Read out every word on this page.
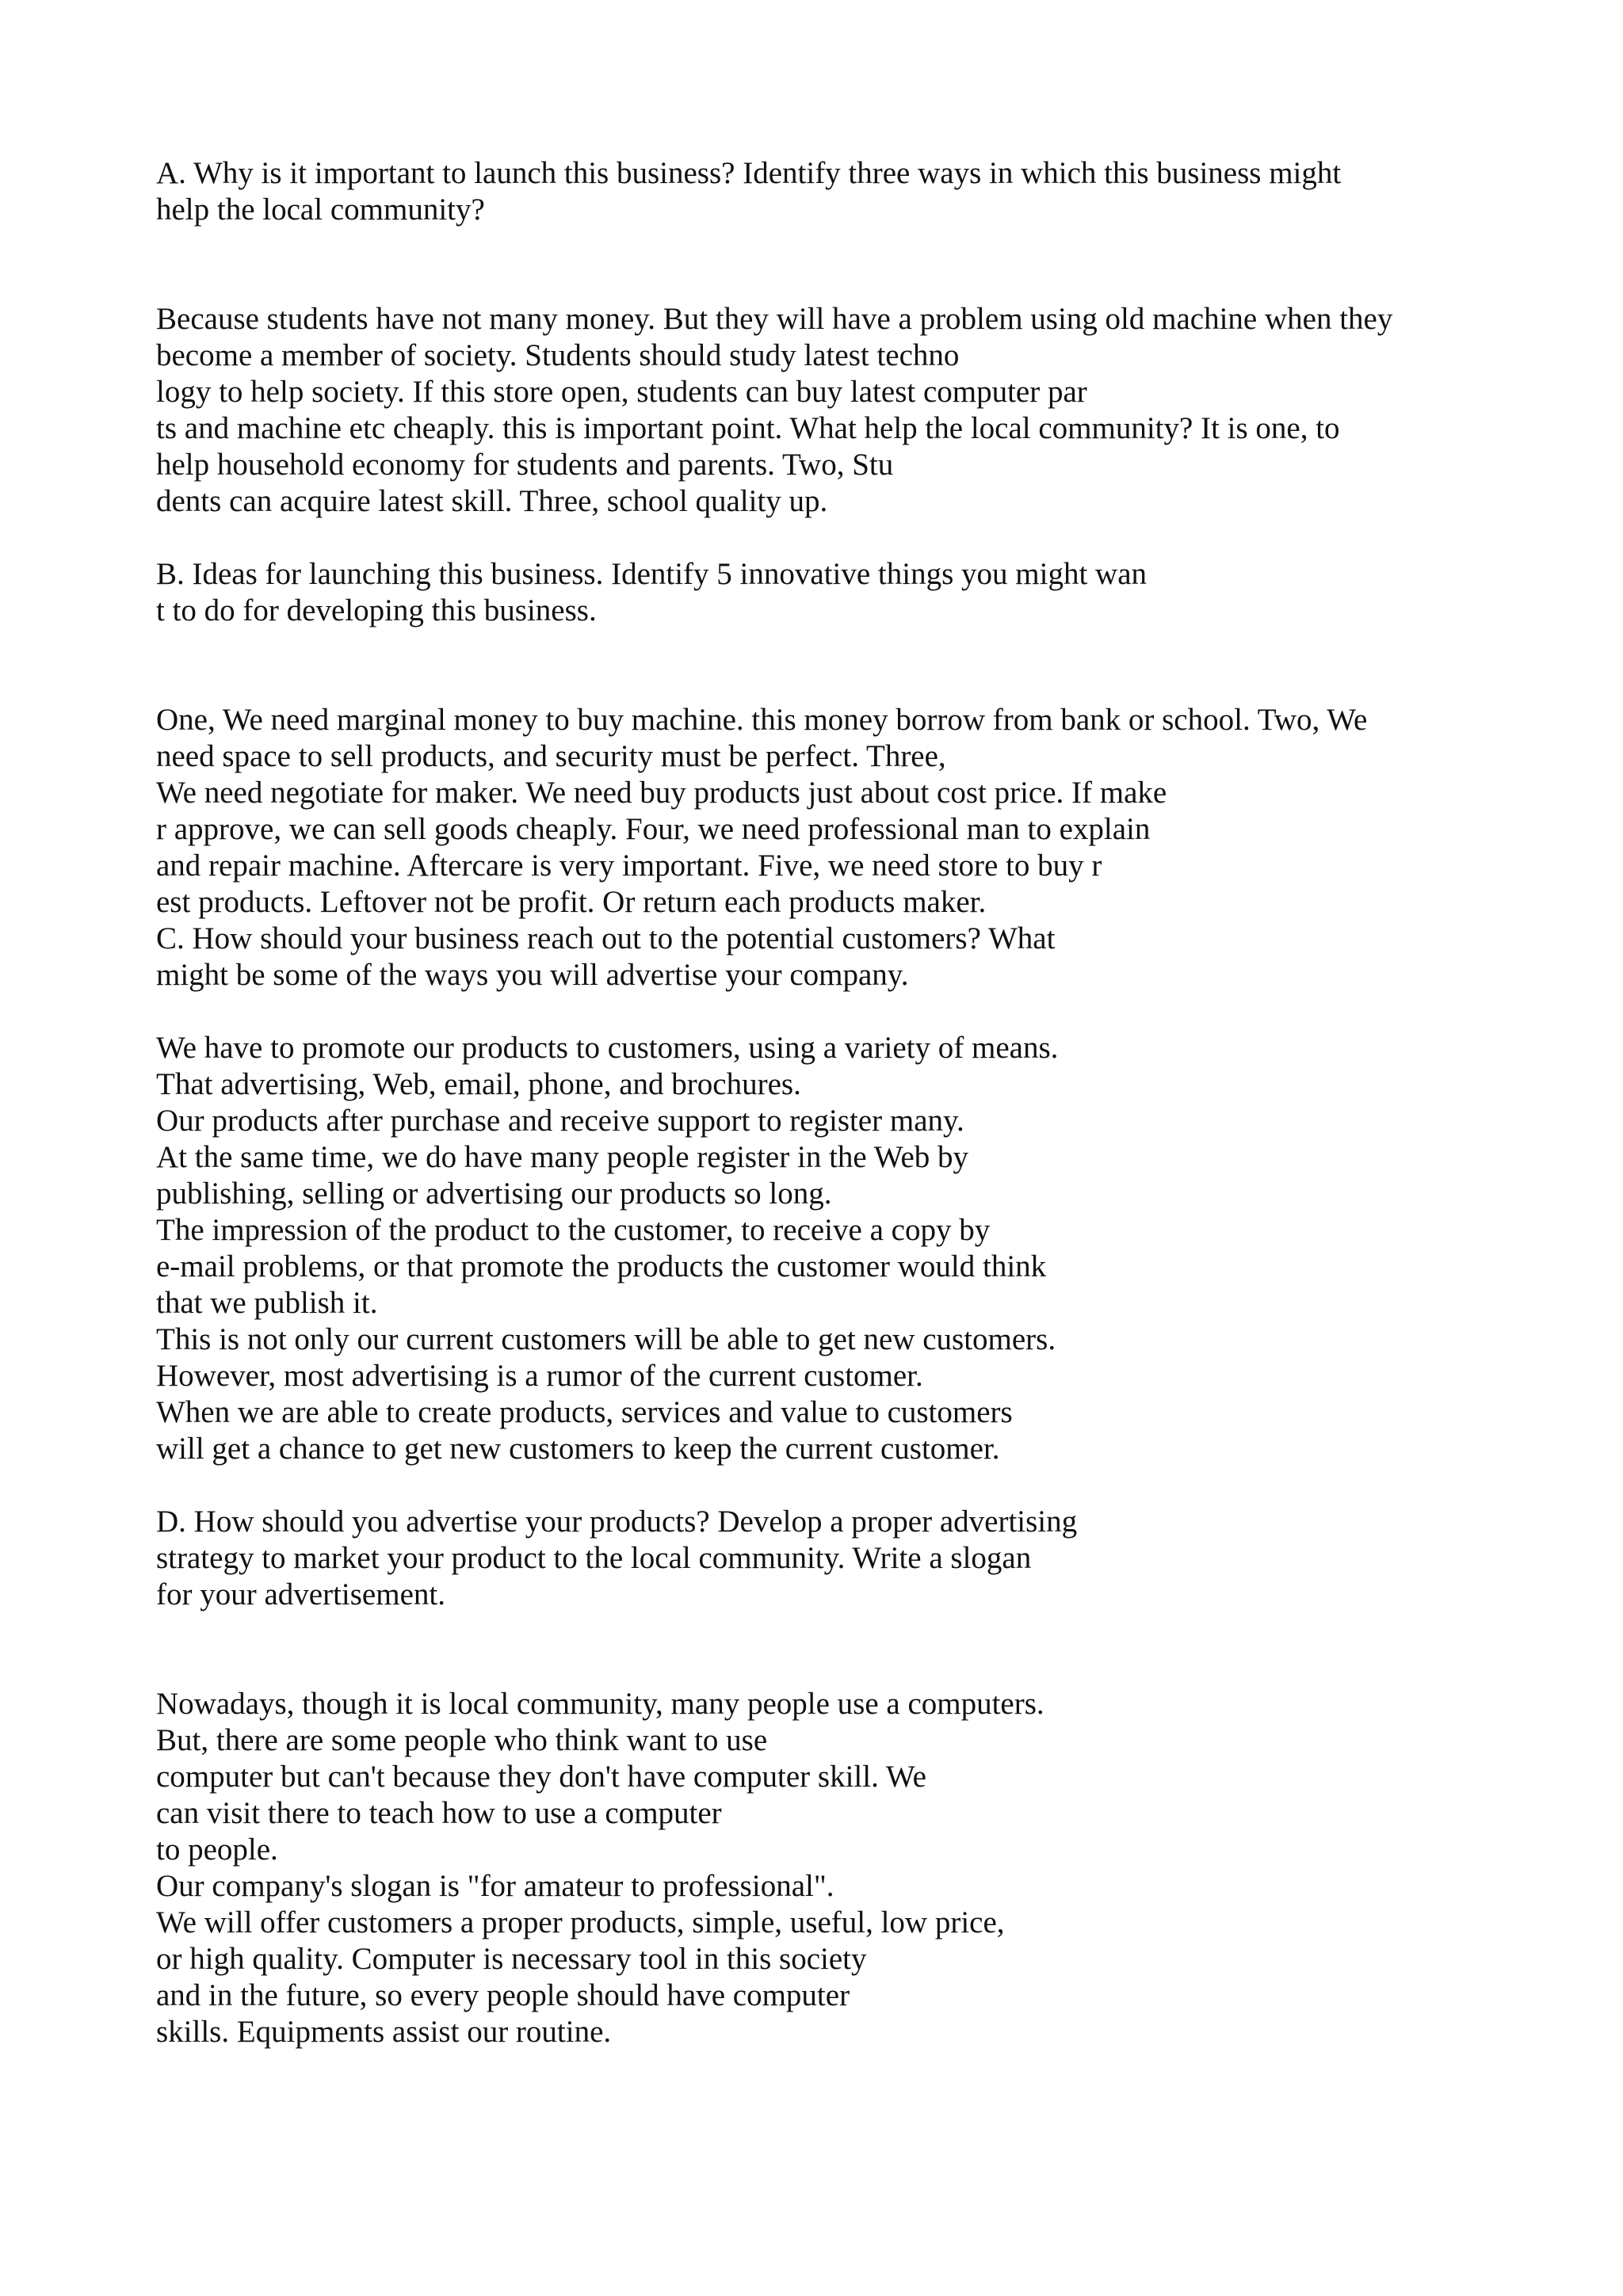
A. Why is it important to launch this business? Identify three ways in which this business might
help the local community?
Because students have not many money. But they will have a problem using old machine when they
become a member of society. Students should study latest techno
logy to help society. If this store open, students can buy latest computer par
ts and machine etc cheaply. this is important point. What help the local community? It is one, to
help household economy for students and parents. Two, Stu
dents can acquire latest skill. Three, school quality up.
B. Ideas for launching this business. Identify 5 innovative things you might wan
t to do for developing this business.
One, We need marginal money to buy machine. this money borrow from bank or school. Two, We
need space to sell products, and security must be perfect. Three,
We need negotiate for maker. We need buy products just about cost price. If make
r approve, we can sell goods cheaply. Four, we need professional man to explain
and repair machine. Aftercare is very important. Five, we need store to buy r
est products. Leftover not be profit. Or return each products maker.
C. How should your business reach out to the potential customers? What
might be some of the ways you will advertise your company.
We have to promote our products to customers, using a variety of means.
That advertising, Web, email, phone, and brochures.
Our products after purchase and receive support to register many.
At the same time, we do have many people register in the Web by
publishing, selling or advertising our products so long.
The impression of the product to the customer, to receive a copy by
e-mail problems, or that promote the products the customer would think
that we publish it.
This is not only our current customers will be able to get new customers.
However, most advertising is a rumor of the current customer.
When we are able to create products, services and value to customers
will get a chance to get new customers to keep the current customer.
D. How should you advertise your products? Develop a proper advertising
strategy to market your product to the local community. Write a slogan
for your advertisement.
Nowadays, though it is local community, many people use a computers.
But, there are some people who think want to use
computer but can't because they don't have computer skill. We
can visit there to teach how to use a computer
to people.
Our company's slogan is "for amateur to professional".
We will offer customers a proper products, simple, useful, low price,
or high quality. Computer is necessary tool in this society
and in the future, so every people should have computer
skills. Equipments assist our routine.
